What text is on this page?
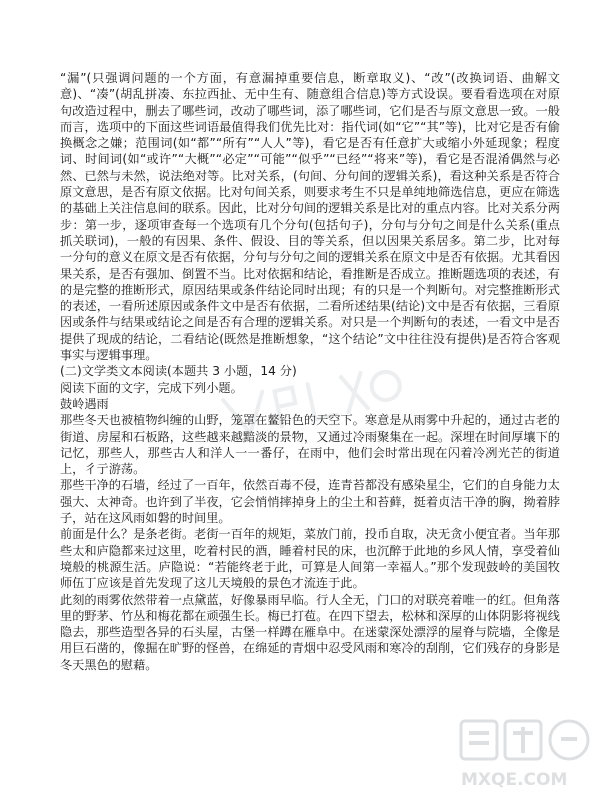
“漏”(只强调问题的一个方面，有意漏掉重要信息，断章取义)、“改”(改换词语、曲解文意)、“凑”(胡乱拼凑、东拉西扯、无中生有、随意组合信息)等方式设误。要看看选项在对原句改造过程中，删去了哪些词，改动了哪些词，添了哪些词，它们是否与原文意思一致。一般而言，选项中的下面这些词语最值得我们优先比对：指代词(如“它”“其”等)，比对它是否有偷换概念之嫌；范围词(如“都”“所有”“人人”等)，看它是否有任意扩大或缩小外延现象；程度词、时间词(如“或许”“大概”“必定”“可能”“似乎”“已经”“将来”等)，看它是否混淆偶然与必然、已然与未然，说法绝对等。比对关系，(句间、分句间的逻辑关系)，看这种关系是否符合原文意思，是否有原文依据。比对句间关系，则要求考生不只是单纯地筛选信息，更应在筛选的基础上关注信息间的联系。因此，比对分句间的逻辑关系是比对的重点内容。比对关系分两步：第一步，逐项审查每一个选项有几个分句(包括句子)，分句与分句之间是什么关系(重点抓关联词)，一般的有因果、条件、假设、目的等关系，但以因果关系居多。第二步，比对每一分句的意义在原文是否有依据，分句与分句之间的逻辑关系在原文中是否有依据。尤其看因果关系，是否有强加、倒置不当。比对依据和结论，看推断是否成立。推断题选项的表述，有的是完整的推断形式，原因结果或条件结论同时出现；有的只是一个判断句。对完整推断形式的表述，一看所述原因或条件文中是否有依据，二看所述结果(结论)文中是否有依据，三看原因或条件与结果或结论之间是否有合理的逻辑关系。对只是一个判断句的表述，一看文中是否提供了现成的结论，二看结论(既然是推断想象，“这个结论”文中往往没有提供)是否符合客观事实与逻辑事理。

(二)文学类文本阅读(本题共 3 小题，14 分)

阅读下面的文字，完成下列小题。

鼓岭遇雨

那些冬天也被植物纠缠的山野，笼罩在鳌铅色的天空下。寒意是从雨雾中升起的，通过古老的街道、房屋和石板路，这些越来越黯淡的景物，又通过冷雨聚集在一起。深埋在时间厚壤下的记忆，那些人，那些古人和洋人一一番仔，在雨中，他们会时常出现在闪着冷冽光芒的街道上，彳亍游荡。

那些干净的石墙，经过了一百年，依然百毒不侵，连青苔都没有感染星尘，它们的自身能力太强大、太神奇。也许到了半夜，它会悄悄摔掉身上的尘土和苔藓，挺着贞洁干净的胸，拗着脖子，站在这风雨如磐的时间里。

前面是什么？是条老街。老街一百年的规矩，菜放门前，投币自取，决无贪小便宜者。当年那些太和庐隐都来过这里，吃着村民的酒，睡着村民的床，也沉醉于此地的乡风人情，享受着仙境般的桃源生活。庐隐说：“若能终老于此，可算是人间第一幸福人。”那个发现鼓岭的美国牧师伍丁应该是首先发现了这儿天境般的景色才流连于此。

此刻的雨雾依然带着一点黛蓝，好像暴雨早临。行人全无，门口的对联亮着唯一的红。但角落里的野茅、竹丛和梅花都在顽强生长。梅已打苞。在四下望去，松林和深厚的山体阴影将视线隐去，那些造型各异的石头屋，古堡一样蹲在雁阜中。在迷蒙深处漂浮的屋脊与院墙，全像是用巨石凿的，像掘在旷野的怪兽，在绵延的青烟中忍受风雨和寒冷的刮削，它们残存的身影是冬天黑色的慰藉。

MXQE.COM
